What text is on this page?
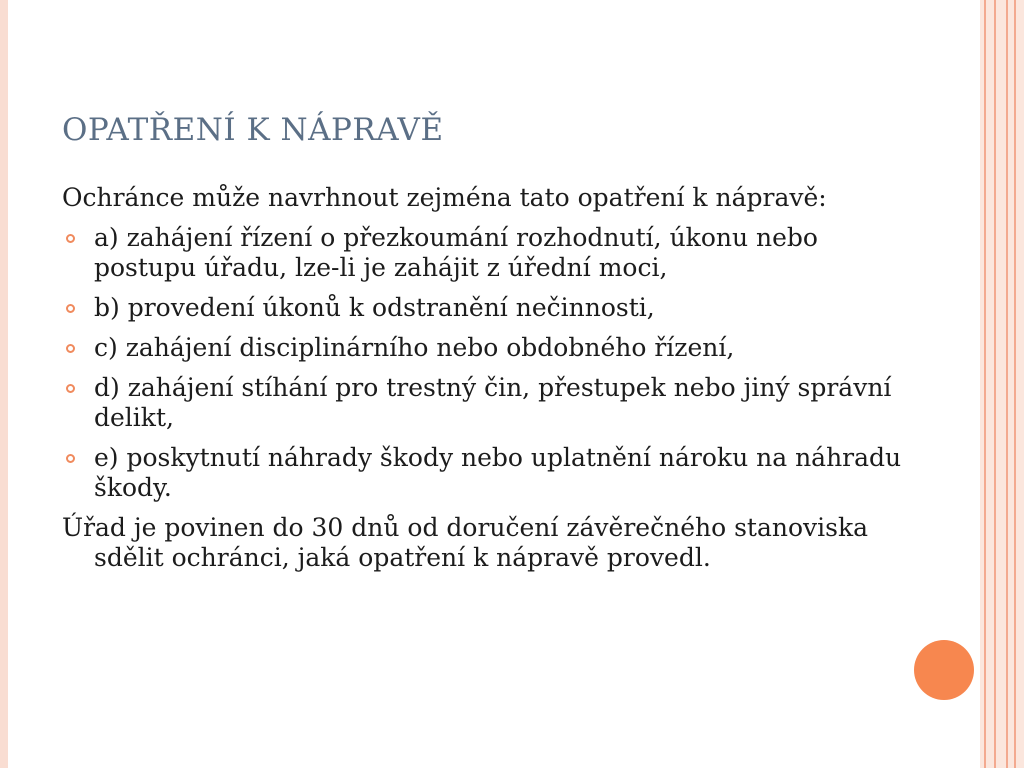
OPATŘENÍ K NÁPRAVĚ

Ochránce může navrhnout zejména tato opatření k nápravě:

a) zahájení řízení o přezkoumání rozhodnutí, úkonu nebo postupu úřadu, lze-li je zahájit z úřední moci,
b) provedení úkonů k odstranění nečinnosti,
c) zahájení disciplinárního nebo obdobného řízení,
d) zahájení stíhání pro trestný čin, přestupek nebo jiný správní delikt,
e) poskytnutí náhrady škody nebo uplatnění nároku na náhradu škody.

Úřad je povinen do 30 dnů od doručení závěrečného stanoviska sdělit ochránci, jaká opatření k nápravě provedl.
